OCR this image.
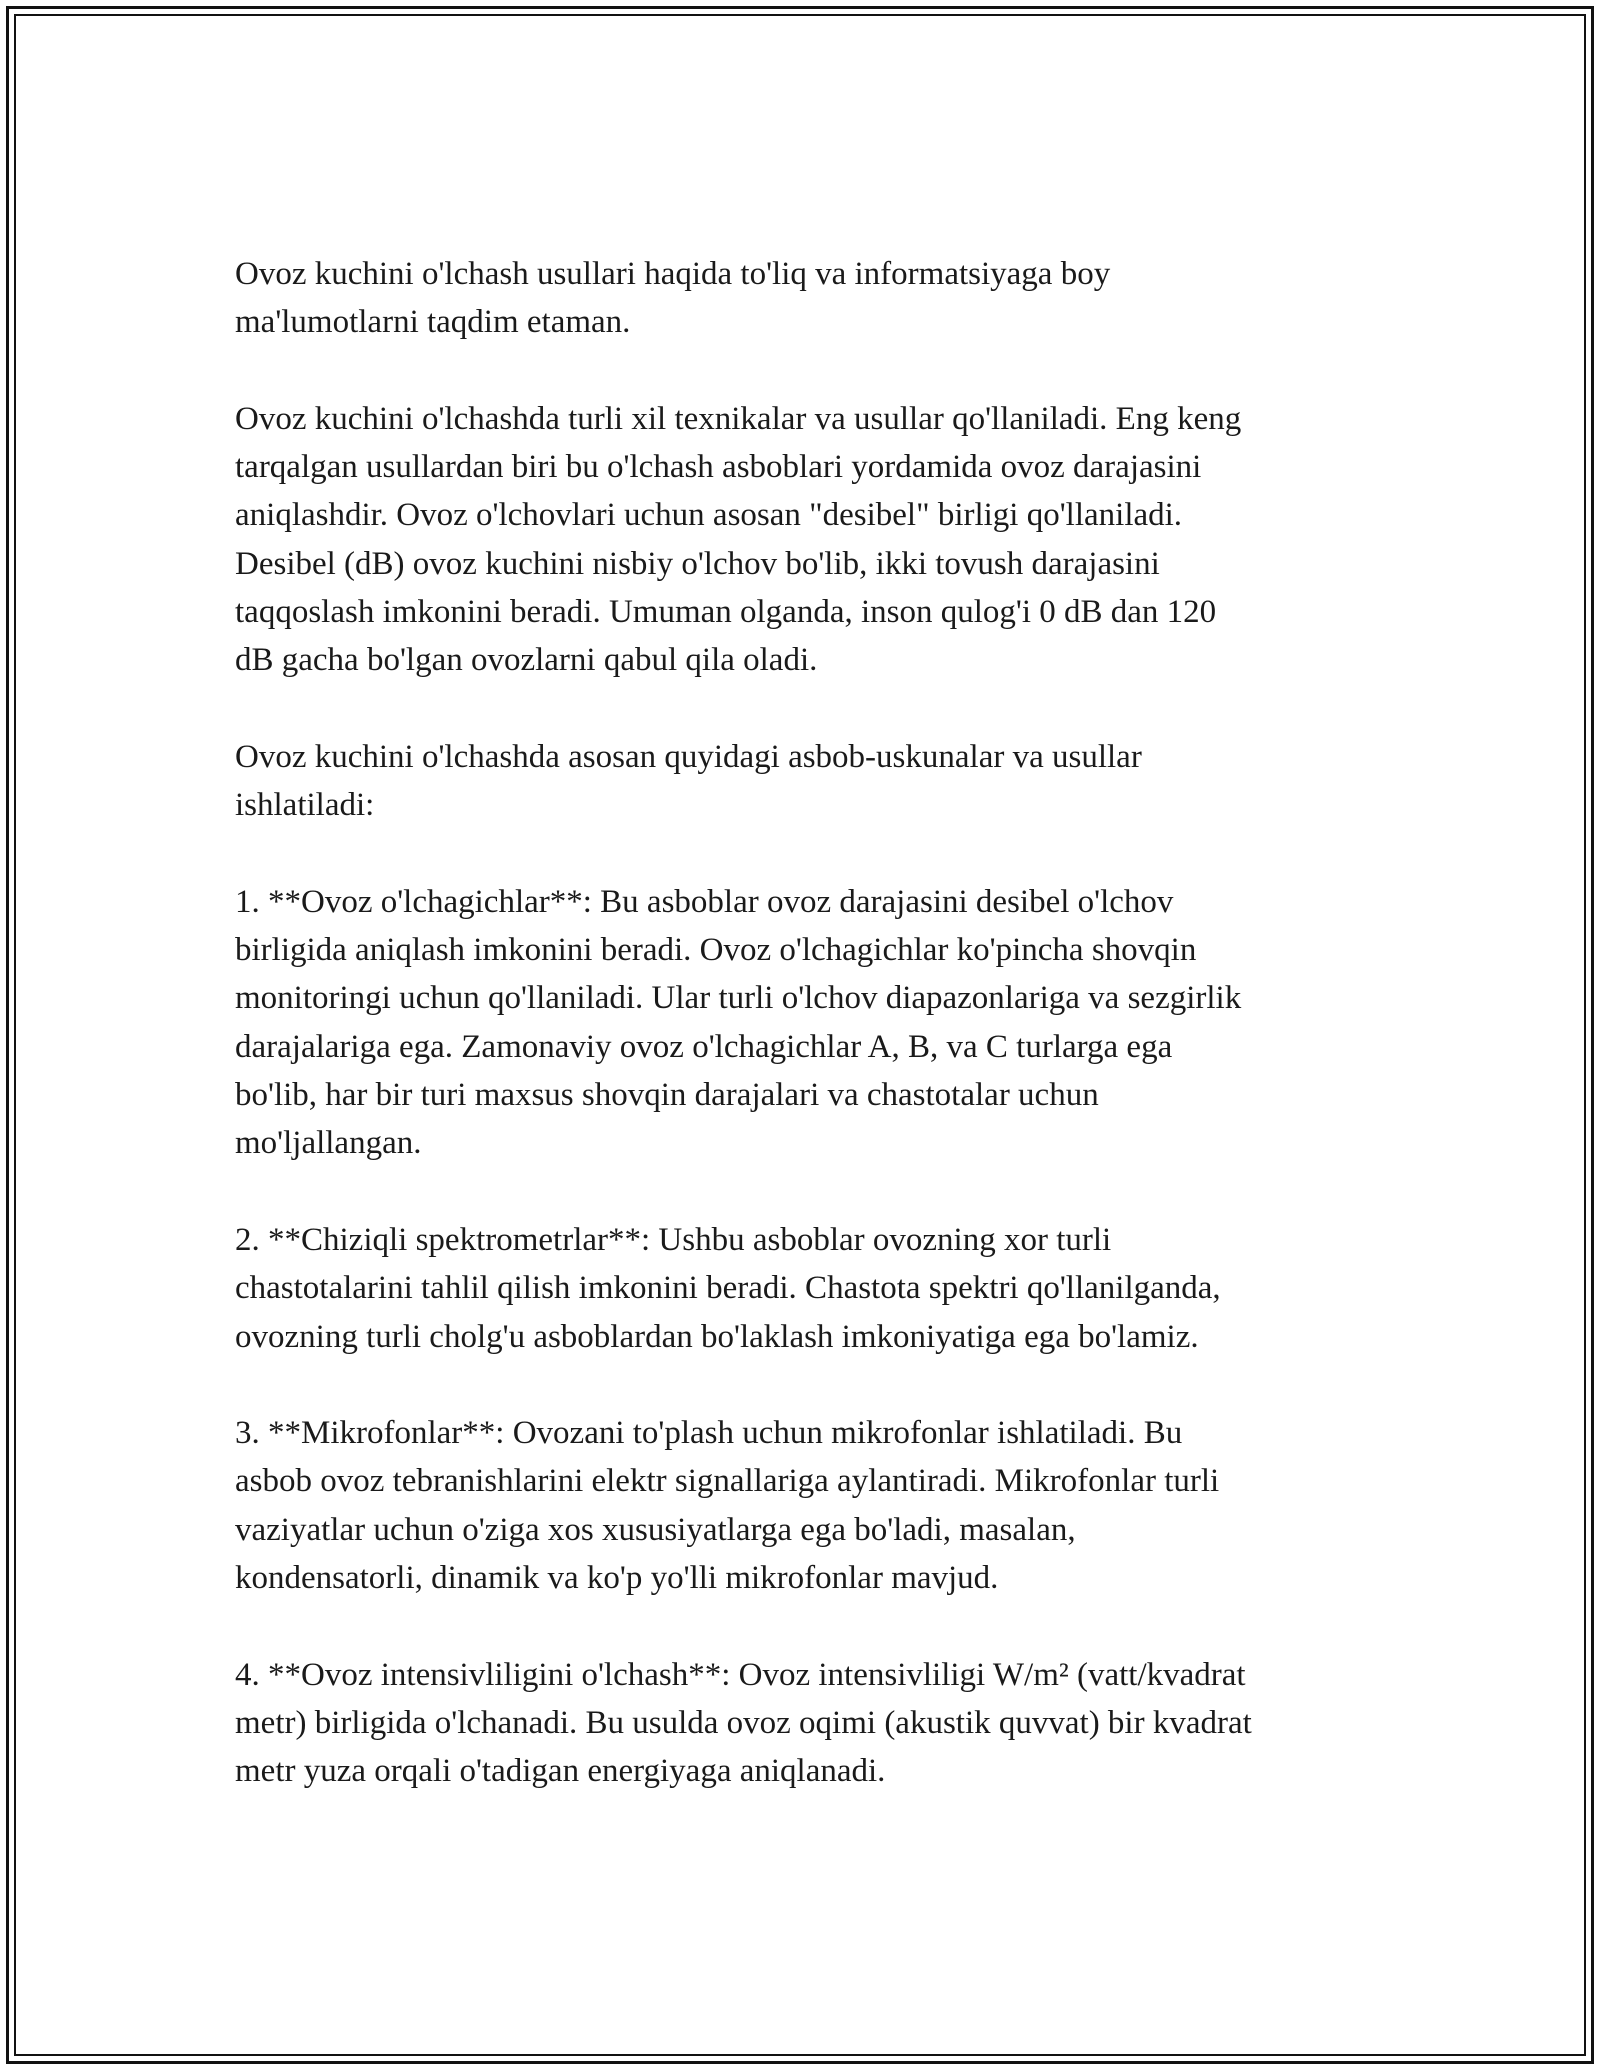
Ovoz kuchini o'lchash usullari haqida to'liq va informatsiyaga boy
ma'lumotlarni taqdim etaman.

Ovoz kuchini o'lchashda turli xil texnikalar va usullar qo'llaniladi. Eng keng
tarqalgan usullardan biri bu o'lchash asboblari yordamida ovoz darajasini
aniqlashdir. Ovoz o'lchovlari uchun asosan "desibel" birligi qo'llaniladi.
Desibel (dB) ovoz kuchini nisbiy o'lchov bo'lib, ikki tovush darajasini
taqqoslash imkonini beradi. Umuman olganda, inson qulog'i 0 dB dan 120
dB gacha bo'lgan ovozlarni qabul qila oladi.

Ovoz kuchini o'lchashda asosan quyidagi asbob-uskunalar va usullar
ishlatiladi:

1. **Ovoz o'lchagichlar**: Bu asboblar ovoz darajasini desibel o'lchov
birligida aniqlash imkonini beradi. Ovoz o'lchagichlar ko'pincha shovqin
monitoringi uchun qo'llaniladi. Ular turli o'lchov diapazonlariga va sezgirlik
darajalariga ega. Zamonaviy ovoz o'lchagichlar A, B, va C turlarga ega
bo'lib, har bir turi maxsus shovqin darajalari va chastotalar uchun
mo'ljallangan.

2. **Chiziqli spektrometrlar**: Ushbu asboblar ovozning xor turli
chastotalarini tahlil qilish imkonini beradi. Chastota spektri qo'llanilganda,
ovozning turli cholg'u asboblardan bo'laklash imkoniyatiga ega bo'lamiz.

3. **Mikrofonlar**: Ovozani to'plash uchun mikrofonlar ishlatiladi. Bu
asbob ovoz tebranishlarini elektr signallariga aylantiradi. Mikrofonlar turli
vaziyatlar uchun o'ziga xos xususiyatlarga ega bo'ladi, masalan,
kondensatorli, dinamik va ko'p yo'lli mikrofonlar mavjud.

4. **Ovoz intensivliligini o'lchash**: Ovoz intensivliligi W/m² (vatt/kvadrat
metr) birligida o'lchanadi. Bu usulda ovoz oqimi (akustik quvvat) bir kvadrat
metr yuza orqali o'tadigan energiyaga aniqlanadi.
